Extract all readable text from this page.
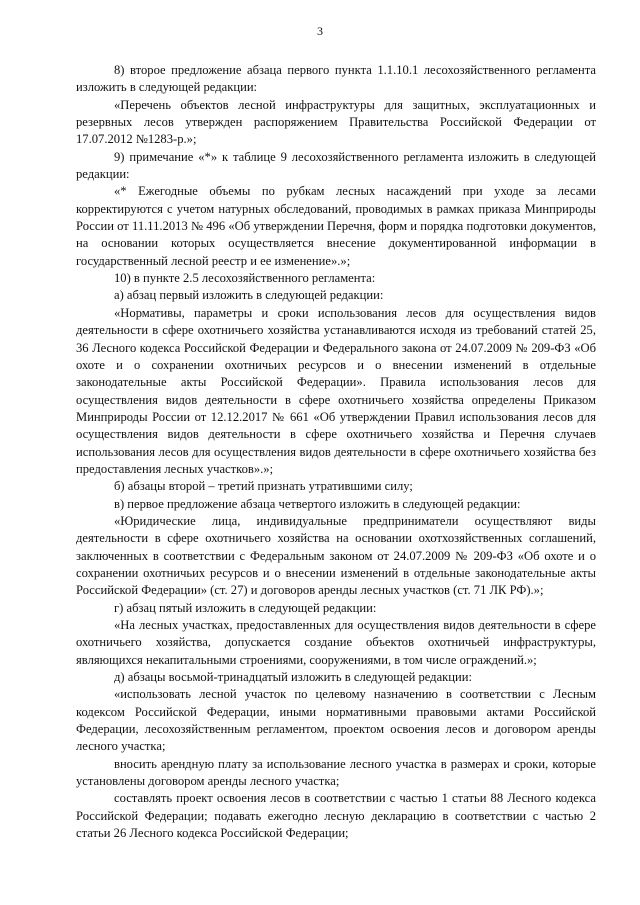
3

8) второе предложение абзаца первого пункта 1.1.10.1 лесохозяйственного регламента изложить в следующей редакции:

«Перечень объектов лесной инфраструктуры для защитных, эксплуатационных и резервных лесов утвержден распоряжением Правительства Российской Федерации от 17.07.2012 №1283-р.»;

9) примечание «*» к таблице 9 лесохозяйственного регламента изложить в следующей редакции:

«* Ежегодные объемы по рубкам лесных насаждений при уходе за лесами корректируются с учетом натурных обследований, проводимых в рамках приказа Минприроды России от 11.11.2013 № 496 «Об утверждении Перечня, форм и порядка подготовки документов, на основании которых осуществляется внесение документированной информации в государственный лесной реестр и ее изменение».»;

10) в пункте 2.5 лесохозяйственного регламента:

а) абзац первый изложить в следующей редакции:

«Нормативы, параметры и сроки использования лесов для осуществления видов деятельности в сфере охотничьего хозяйства устанавливаются исходя из требований статей 25, 36 Лесного кодекса Российской Федерации и Федерального закона от 24.07.2009 № 209-ФЗ «Об охоте и о сохранении охотничьих ресурсов и о внесении изменений в отдельные законодательные акты Российской Федерации». Правила использования лесов для осуществления видов деятельности в сфере охотничьего хозяйства определены Приказом Минприроды России от 12.12.2017 № 661 «Об утверждении Правил использования лесов для осуществления видов деятельности в сфере охотничьего хозяйства и Перечня случаев использования лесов для осуществления видов деятельности в сфере охотничьего хозяйства без предоставления лесных участков».»;

б) абзацы второй – третий признать утратившими силу;

в) первое предложение абзаца четвертого изложить в следующей редакции:

«Юридические лица, индивидуальные предприниматели осуществляют виды деятельности в сфере охотничьего хозяйства на основании охотхозяйственных соглашений, заключенных в соответствии с Федеральным законом от 24.07.2009 № 209-ФЗ «Об охоте и о сохранении охотничьих ресурсов и о внесении изменений в отдельные законодательные акты Российской Федерации» (ст. 27) и договоров аренды лесных участков (ст. 71 ЛК РФ).»;

г) абзац пятый изложить в следующей редакции:

«На лесных участках, предоставленных для осуществления видов деятельности в сфере охотничьего хозяйства, допускается создание объектов охотничьей инфраструктуры, являющихся некапитальными строениями, сооружениями, в том числе ограждений.»;

д) абзацы восьмой-тринадцатый изложить в следующей редакции:

«использовать лесной участок по целевому назначению в соответствии с Лесным кодексом Российской Федерации, иными нормативными правовыми актами Российской Федерации, лесохозяйственным регламентом, проектом освоения лесов и договором аренды лесного участка;

вносить арендную плату за использование лесного участка в размерах и сроки, которые установлены договором аренды лесного участка;

составлять проект освоения лесов в соответствии с частью 1 статьи 88 Лесного кодекса Российской Федерации; подавать ежегодно лесную декларацию в соответствии с частью 2 статьи 26 Лесного кодекса Российской Федерации;
